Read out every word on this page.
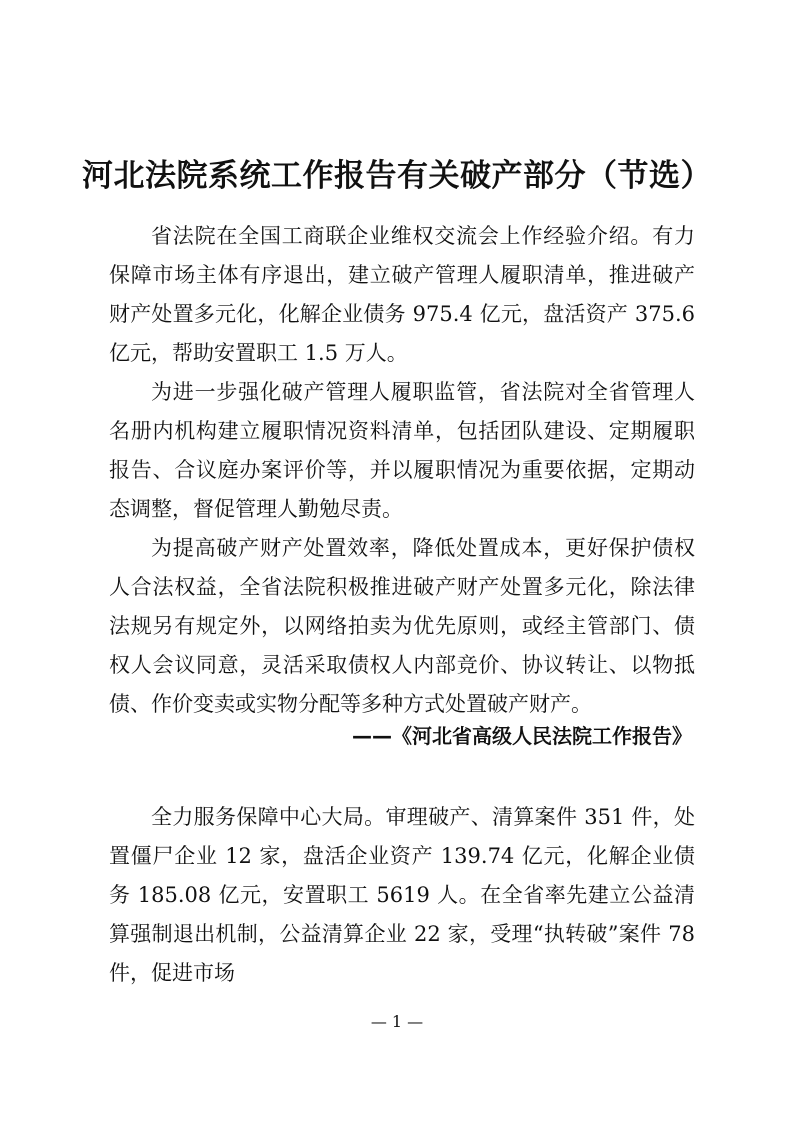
河北法院系统工作报告有关破产部分（节选）

省法院在全国工商联企业维权交流会上作经验介绍。有力保障市场主体有序退出，建立破产管理人履职清单，推进破产财产处置多元化，化解企业债务 975.4 亿元，盘活资产 375.6 亿元，帮助安置职工 1.5 万人。

为进一步强化破产管理人履职监管，省法院对全省管理人名册内机构建立履职情况资料清单，包括团队建设、定期履职报告、合议庭办案评价等，并以履职情况为重要依据，定期动态调整，督促管理人勤勉尽责。

为提高破产财产处置效率，降低处置成本，更好保护债权人合法权益，全省法院积极推进破产财产处置多元化，除法律法规另有规定外，以网络拍卖为优先原则，或经主管部门、债权人会议同意，灵活采取债权人内部竞价、协议转让、以物抵债、作价变卖或实物分配等多种方式处置破产财产。

——《河北省高级人民法院工作报告》

全力服务保障中心大局。审理破产、清算案件 351 件，处置僵尸企业 12 家，盘活企业资产 139.74 亿元，化解企业债务 185.08 亿元，安置职工 5619 人。在全省率先建立公益清算强制退出机制，公益清算企业 22 家，受理“执转破”案件 78 件，促进市场

— 1 —
